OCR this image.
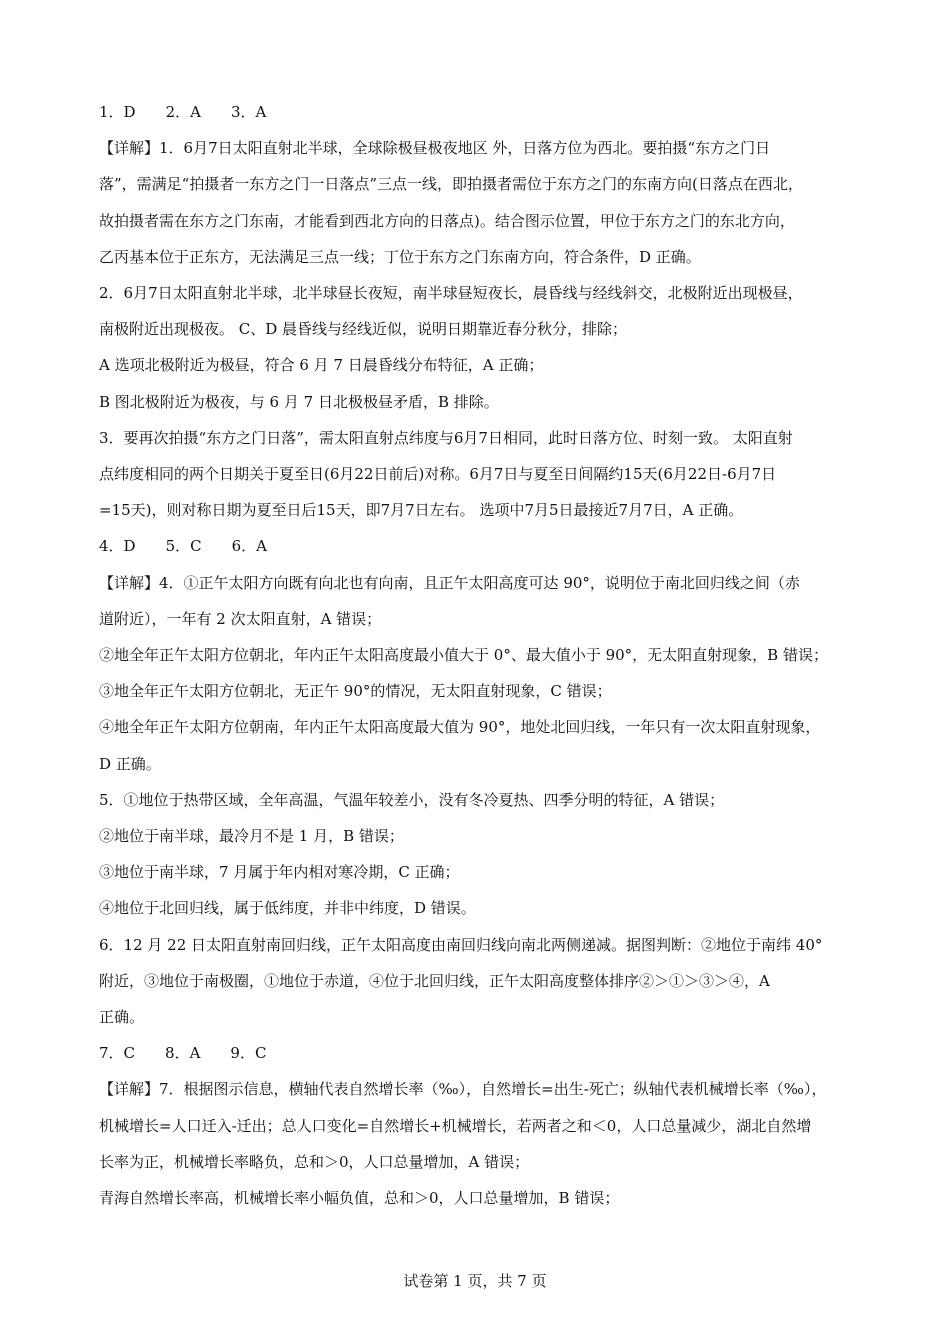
1．D　　2．A　　3．A
【详解】1．6月7日太阳直射北半球，全球除极昼极夜地区 外，日落方位为西北。要拍摄“东方之门日
落”，需满足“拍摄者一东方之门一日落点”三点一线，即拍摄者需位于东方之门的东南方向(日落点在西北，
故拍摄者需在东方之门东南，才能看到西北方向的日落点)。结合图示位置，甲位于东方之门的东北方向，
乙丙基本位于正东方，无法满足三点一线；丁位于东方之门东南方向，符合条件，D 正确。
2．6月7日太阳直射北半球，北半球昼长夜短，南半球昼短夜长，晨昏线与经线斜交，北极附近出现极昼，
南极附近出现极夜。 C、D 晨昏线与经线近似，说明日期靠近春分秋分，排除；
A 选项北极附近为极昼，符合 6 月 7 日晨昏线分布特征，A 正确；
B 图北极附近为极夜，与 6 月 7 日北极极昼矛盾，B 排除。
3．要再次拍摄“东方之门日落”，需太阳直射点纬度与6月7日相同，此时日落方位、时刻一致。 太阳直射
点纬度相同的两个日期关于夏至日(6月22日前后)对称。6月7日与夏至日间隔约15天(6月22日-6月7日
=15天)，则对称日期为夏至日后15天，即7月7日左右。 选项中7月5日最接近7月7日，A 正确。
4．D　　5．C　　6．A
【详解】4．①正午太阳方向既有向北也有向南，且正午太阳高度可达 90°，说明位于南北回归线之间（赤
道附近），一年有 2 次太阳直射，A 错误；
②地全年正午太阳方位朝北，年内正午太阳高度最小值大于 0°、最大值小于 90°，无太阳直射现象，B 错误；
③地全年正午太阳方位朝北，无正午 90°的情况，无太阳直射现象，C 错误；
④地全年正午太阳方位朝南，年内正午太阳高度最大值为 90°，地处北回归线，一年只有一次太阳直射现象，
D 正确。
5．①地位于热带区域，全年高温，气温年较差小，没有冬冷夏热、四季分明的特征，A 错误；
②地位于南半球，最冷月不是 1 月，B 错误；
③地位于南半球，7 月属于年内相对寒冷期，C 正确；
④地位于北回归线，属于低纬度，并非中纬度，D 错误。
6．12 月 22 日太阳直射南回归线，正午太阳高度由南回归线向南北两侧递减。据图判断：②地位于南纬 40°
附近，③地位于南极圈，①地位于赤道，④位于北回归线，正午太阳高度整体排序②＞①＞③＞④，A
正确。
7．C　　8．A　　9．C
【详解】7．根据图示信息，横轴代表自然增长率（‰），自然增长=出生-死亡；纵轴代表机械增长率（‰），
机械增长=人口迁入-迁出；总人口变化=自然增长+机械增长，若两者之和＜0，人口总量减少，湖北自然增
长率为正，机械增长率略负，总和＞0，人口总量增加，A 错误；
青海自然增长率高，机械增长率小幅负值，总和＞0，人口总量增加，B 错误；
试卷第 1 页，共 7 页
